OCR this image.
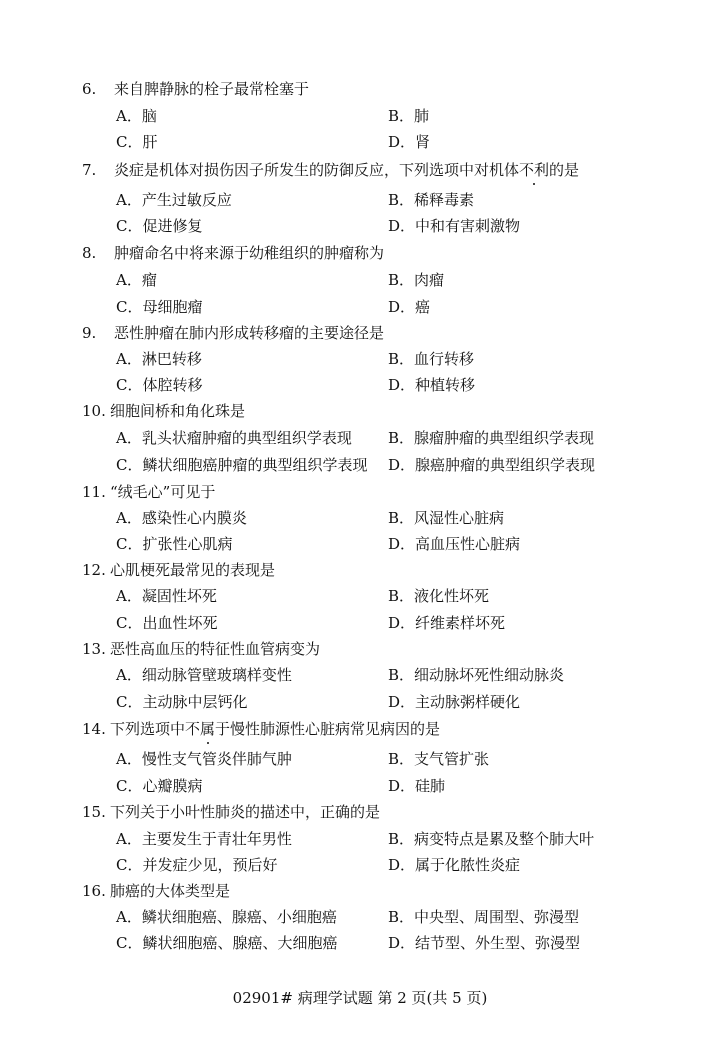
6. 来自脾静脉的栓子最常栓塞于
A．脑	B．肺
C．肝	D．肾
7. 炎症是机体对损伤因子所发生的防御反应，下列选项中对机体不利的是
A．产生过敏反应	B．稀释毒素
C．促进修复	D．中和有害刺激物
8. 肿瘤命名中将来源于幼稚组织的肿瘤称为
A．瘤	B．肉瘤
C．母细胞瘤	D．癌
9. 恶性肿瘤在肺内形成转移瘤的主要途径是
A．淋巴转移	B．血行转移
C．体腔转移	D．种植转移
10. 细胞间桥和角化珠是
A．乳头状瘤肿瘤的典型组织学表现 B．腺瘤肿瘤的典型组织学表现
C．鳞状细胞癌肿瘤的典型组织学表现 D．腺癌肿瘤的典型组织学表现
11. “绒毛心”可见于
A．感染性心内膜炎	B．风湿性心脏病
C．扩张性心肌病	D．高血压性心脏病
12. 心肌梗死最常见的表现是
A．凝固性坏死	B．液化性坏死
C．出血性坏死	D．纤维素样坏死
13. 恶性高血压的特征性血管病变为
A．细动脉管壁玻璃样变性	B．细动脉坏死性细动脉炎
C．主动脉中层钙化	D．主动脉粥样硬化
14. 下列选项中不属于慢性肺源性心脏病常见病因的是
A．慢性支气管炎伴肺气肿	B．支气管扩张
C．心瓣膜病	D．硅肺
15. 下列关于小叶性肺炎的描述中，正确的是
A．主要发生于青壮年男性	B．病变特点是累及整个肺大叶
C．并发症少见，预后好	D．属于化脓性炎症
16. 肺癌的大体类型是
A．鳞状细胞癌、腺癌、小细胞癌	B．中央型、周围型、弥漫型
C．鳞状细胞癌、腺癌、大细胞癌	D．结节型、外生型、弥漫型
02901# 病理学试题 第 2 页(共 5 页)
